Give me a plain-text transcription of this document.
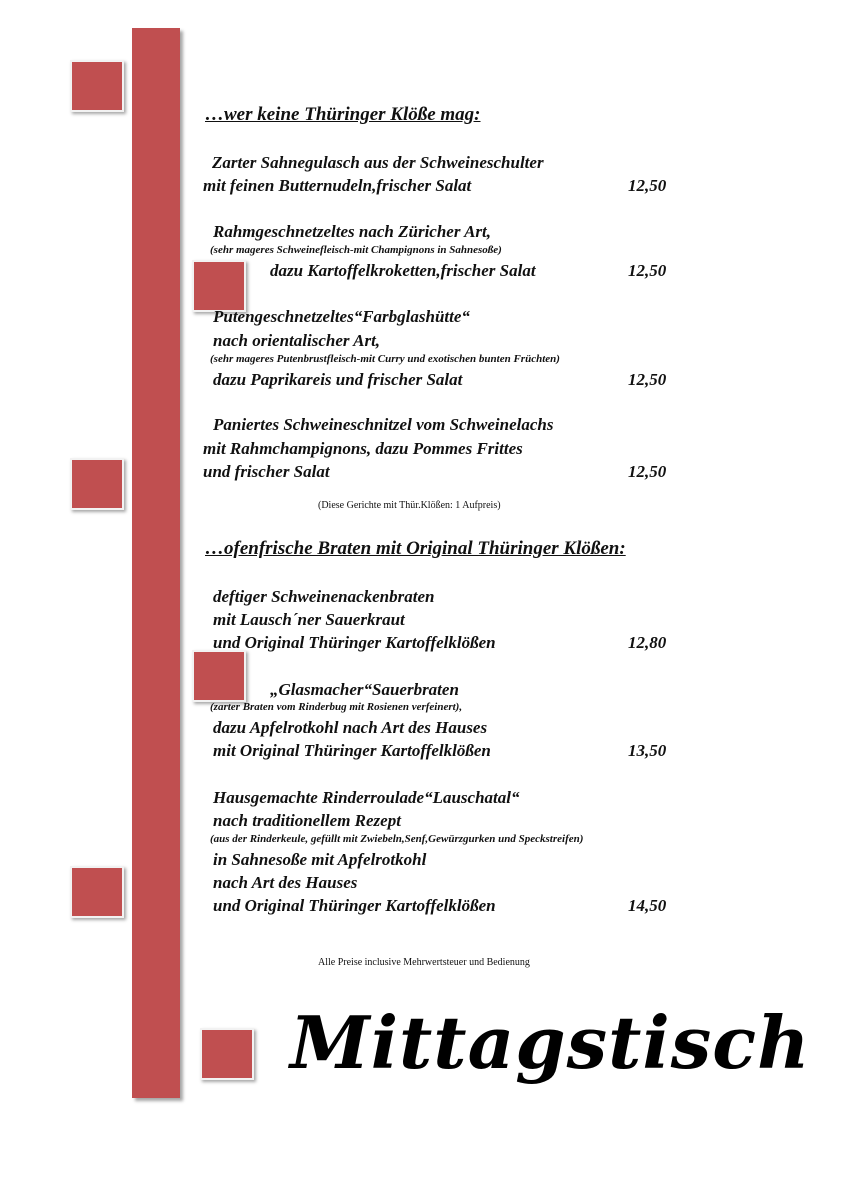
…wer keine Thüringer Klöße mag:
Zarter Sahnegulasch aus der Schweineschulter
mit feinen Butternudeln,frischer Salat	12,50
Rahmgeschnetzeltes nach Züricher Art,
(sehr mageres Schweinefleisch-mit Champignons in Sahnesoße)
dazu Kartoffelkroketten,frischer Salat	12,50
Putengeschnetzeltes“Farbglashütte“
nach orientalischer Art,
(sehr mageres Putenbrustfleisch-mit Curry und exotischen bunten Früchten)
dazu Paprikareis und frischer Salat	12,50
Paniertes Schweineschnitzel vom Schweinelachs
mit Rahmchampignons, dazu Pommes Frittes
und frischer Salat	12,50
(Diese Gerichte mit Thür.Klößen: 1 Aufpreis)
…ofenfrische Braten mit Original Thüringer Klößen:
deftiger Schweinenackenbraten
mit Lausch´ner Sauerkraut
und Original Thüringer Kartoffelklößen	12,80
„Glasmacher“Sauerbraten
(zarter Braten vom Rinderbug mit Rosienen verfeinert),
dazu Apfelrotkohl nach Art des Hauses
mit Original Thüringer Kartoffelklößen	13,50
Hausgemachte Rinderroulade“Lauschatal“
nach traditionellem Rezept
(aus der Rinderkeule, gefüllt mit Zwiebeln,Senf,Gewürzgurken und Speckstreifen)
in Sahnesoße mit Apfelrotkohl
nach Art des Hauses
und Original Thüringer Kartoffelklößen	14,50
Alle Preise inclusive Mehrwertsteuer und Bedienung
Mittagstisch
